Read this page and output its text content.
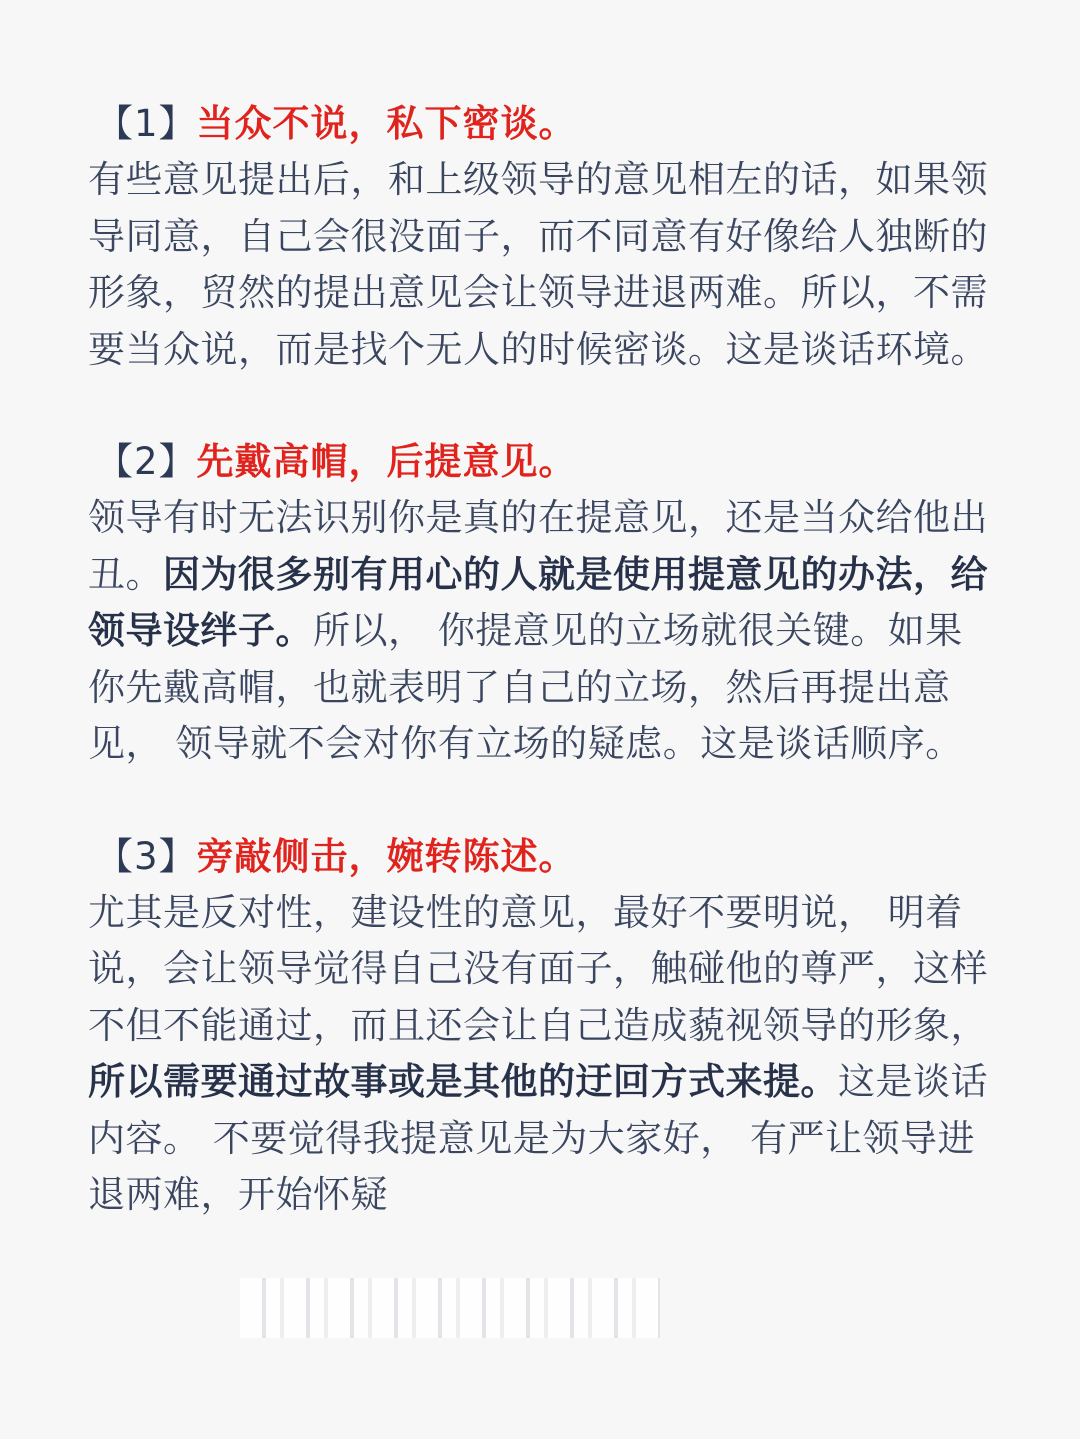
【1】当众不说，私下密谈。
有些意见提出后，和上级领导的意见相左的话，如果领导同意，自己会很没面子，而不同意有好像给人独断的形象，贸然的提出意见会让领导进退两难。所以，不需要当众说，而是找个无人的时候密谈。这是谈话环境。
【2】先戴高帽，后提意见。
领导有时无法识别你是真的在提意见，还是当众给他出丑。因为很多别有用心的人就是使用提意见的办法，给领导设绊子。所以， 你提意见的立场就很关键。如果你先戴高帽，也就表明了自己的立场，然后再提出意见， 领导就不会对你有立场的疑虑。这是谈话顺序。
【3】旁敲侧击，婉转陈述。
尤其是反对性，建设性的意见，最好不要明说， 明着说，会让领导觉得自己没有面子，触碰他的尊严，这样不但不能通过，而且还会让自己造成藐视领导的形象，所以需要通过故事或是其他的迂回方式来提。这是谈话内容。 不要觉得我提意见是为大家好， 有严让领导进退两难，开始怀疑
